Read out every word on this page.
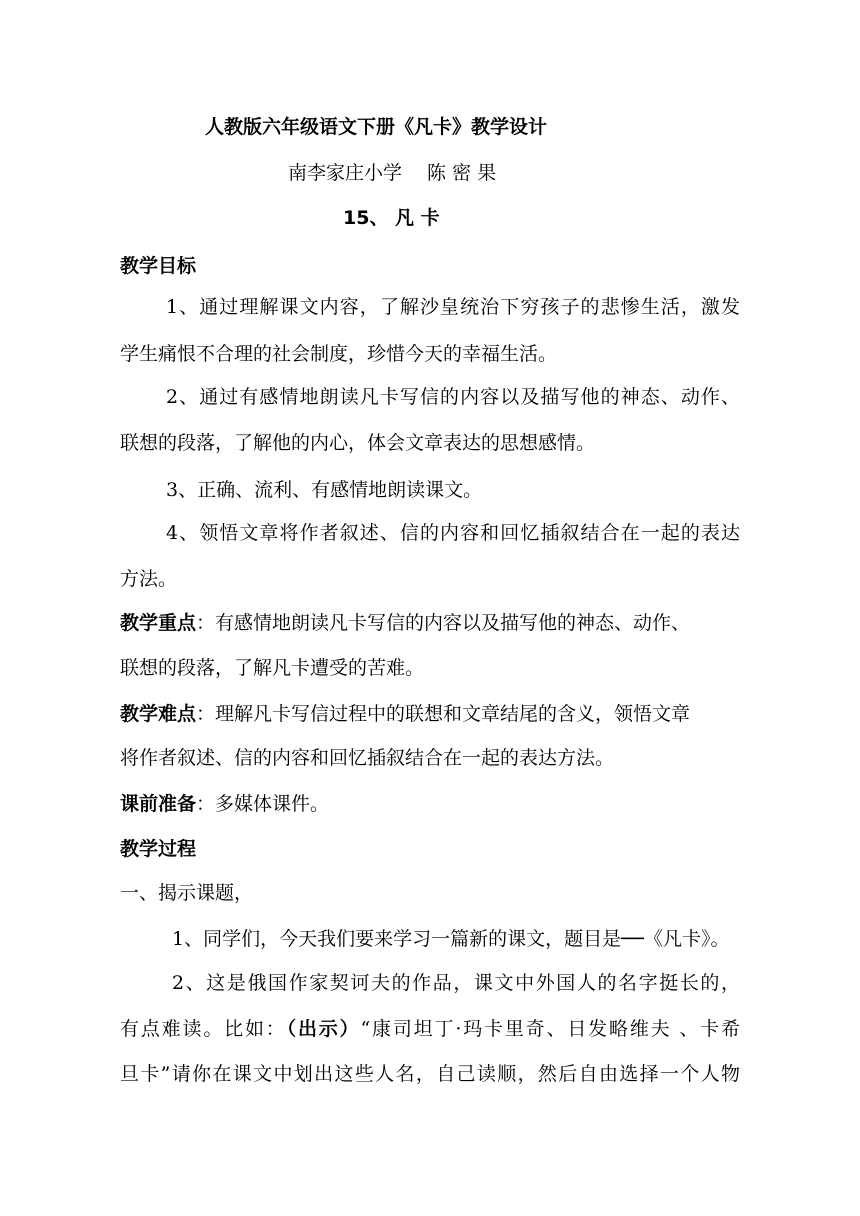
人教版六年级语文下册《凡卡》教学设计
南李家庄小学　 陈 密 果
15、 凡 卡
教学目标
1、通过理解课文内容，了解沙皇统治下穷孩子的悲惨生活，激发
学生痛恨不合理的社会制度，珍惜今天的幸福生活。
2、通过有感情地朗读凡卡写信的内容以及描写他的神态、动作、
联想的段落，了解他的内心，体会文章表达的思想感情。
3、正确、流利、有感情地朗读课文。
4、领悟文章将作者叙述、信的内容和回忆插叙结合在一起的表达
方法。
教学重点：有感情地朗读凡卡写信的内容以及描写他的神态、动作、
联想的段落，了解凡卡遭受的苦难。
教学难点：理解凡卡写信过程中的联想和文章结尾的含义，领悟文章
将作者叙述、信的内容和回忆插叙结合在一起的表达方法。
课前准备：多媒体课件。
教学过程
一、揭示课题，
1、同学们，今天我们要来学习一篇新的课文，题目是──《凡卡》。
2、这是俄国作家契诃夫的作品，课文中外国人的名字挺长的，
有点难读。比如：（出示）“康司坦丁·玛卡里奇、日发略维夫 、卡希
旦卡”请你在课文中划出这些人名，自己读顺，然后自由选择一个人物
